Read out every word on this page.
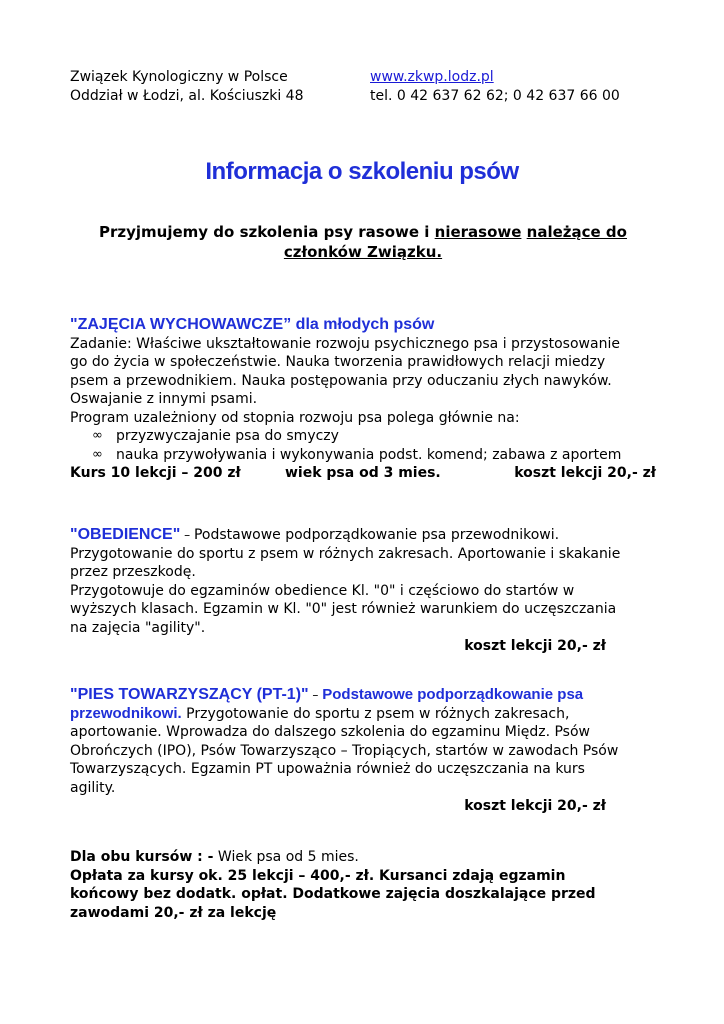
Związek Kynologiczny w Polsce	www.zkwp.lodz.pl
Oddział w Łodzi, al. Kościuszki 48	tel. 0 42 637 62 62; 0 42 637 66 00
Informacja o szkoleniu psów
Przyjmujemy do szkolenia psy rasowe i nierasowe należące do
członków Związku.
"ZAJĘCIA WYCHOWAWCZE” dla młodych psów
Zadanie: Właściwe ukształtowanie rozwoju psychicznego psa i przystosowanie
go do życia w społeczeństwie. Nauka tworzenia prawidłowych relacji miedzy
psem a przewodnikiem. Nauka postępowania przy oduczaniu złych nawyków.
Oswajanie z innymi psami.
Program uzależniony od stopnia rozwoju psa polega głównie na:
∞ przyzwyczajanie psa do smyczy
∞ nauka przywoływania i wykonywania podst. komend; zabawa z aportem
Kurs 10 lekcji – 200 zł	wiek psa od 3 mies.	koszt lekcji 20,- zł
"OBEDIENCE" – Podstawowe podporządkowanie psa przewodnikowi.
Przygotowanie do sportu z psem w różnych zakresach. Aportowanie i skakanie
przez przeszkodę.
Przygotowuje do egzaminów obedience Kl. "0" i częściowo do startów w
wyższych klasach. Egzamin w Kl. "0" jest również warunkiem do uczęszczania
na zajęcia "agility".
koszt lekcji 20,- zł
"PIES TOWARZYSZĄCY (PT-1)" – Podstawowe podporządkowanie psa
przewodnikowi. Przygotowanie do sportu z psem w różnych zakresach,
aportowanie. Wprowadza do dalszego szkolenia do egzaminu Międz. Psów
Obrończych (IPO), Psów Towarzysząco – Tropiących, startów w zawodach Psów
Towarzyszących. Egzamin PT upoważnia również do uczęszczania na kurs
agility.
koszt lekcji 20,- zł
Dla obu kursów : - Wiek psa od 5 mies.
Opłata za kursy ok. 25 lekcji – 400,- zł. Kursanci zdają egzamin
końcowy bez dodatk. opłat. Dodatkowe zajęcia doszkalające przed
zawodami 20,- zł za lekcję
